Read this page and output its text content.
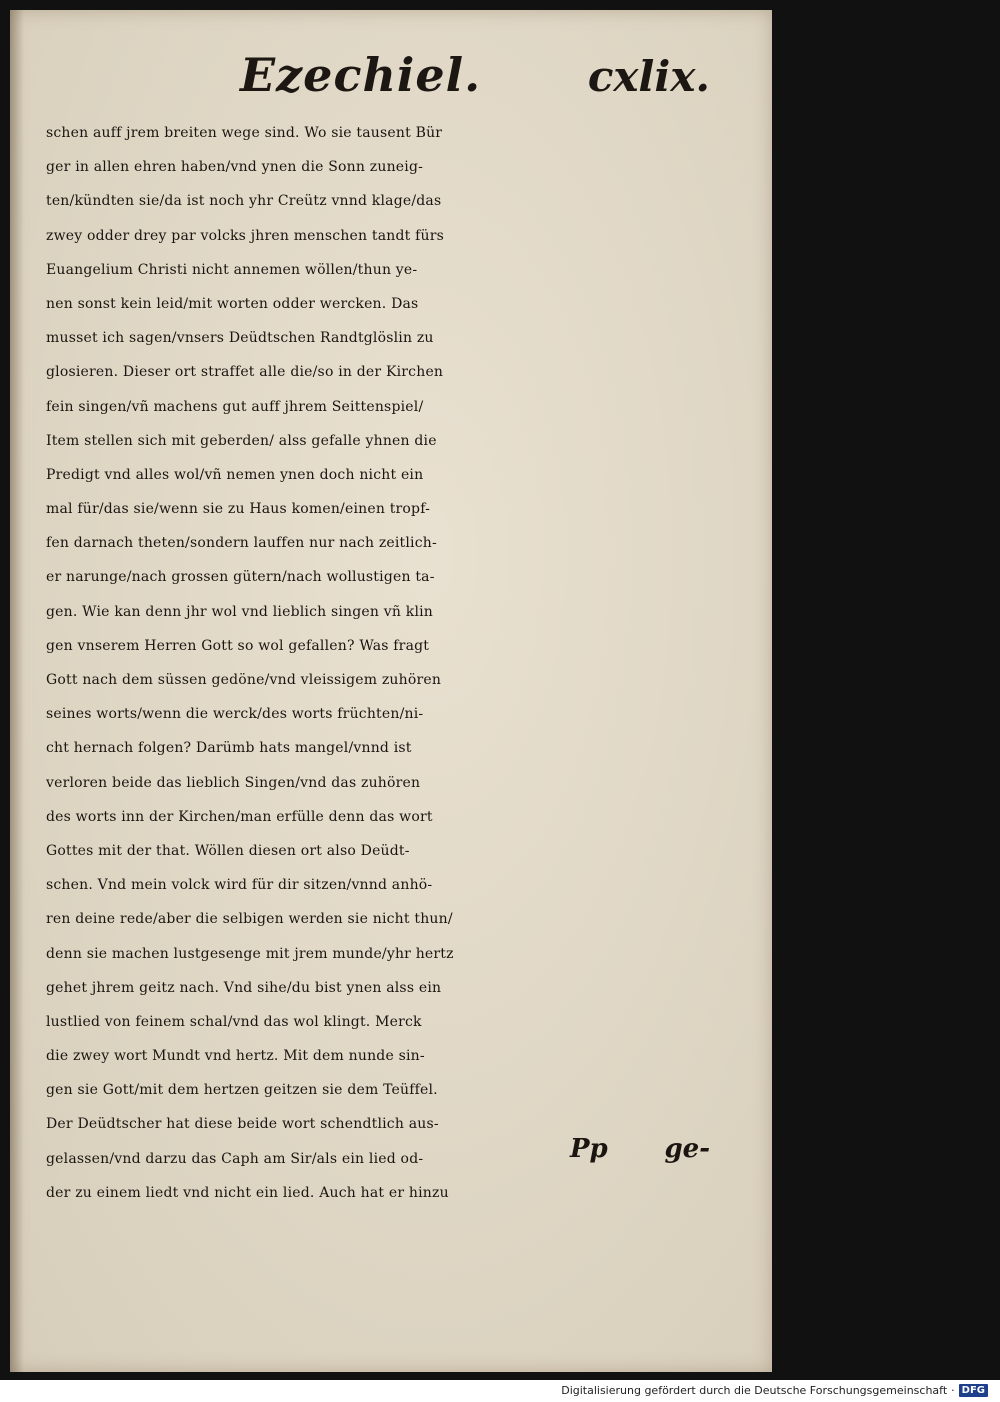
Ezechiel.	cxlix.
schen auff jrem breiten wege sind. Wo sie tausent Bür
ger in allen ehren haben/vnd ynen die Sonn zuneig-
ten/kündten sie/da ist noch yhr Creütz vnnd klage/das
zwey odder drey par volcks jhren menschen tandt fürs
Euangelium Christi nicht annemen wöllen/thun ye-
nen sonst kein leid/mit worten odder wercken. Das
musset ich sagen/vnsers Deüdtschen Randtglöslin zu
glosieren. Dieser ort straffet alle die/so in der Kirchen
fein singen/vñ machens gut auff jhrem Seittenspiel/
Item stellen sich mit geberden/ alss gefalle yhnen die
Predigt vnd alles wol/vñ nemen ynen doch nicht ein
mal für/das sie/wenn sie zu Haus komen/einen tropf-
fen darnach theten/sondern lauffen nur nach zeitlich-
er narunge/nach grossen gütern/nach wollustigen ta-
gen. Wie kan denn jhr wol vnd lieblich singen vñ klin
gen vnserem Herren Gott so wol gefallen? Was fragt
Gott nach dem süssen gedöne/vnd vleissigem zuhören
seines worts/wenn die werck/des worts früchten/ni-
cht hernach folgen? Darümb hats mangel/vnnd ist
verloren beide das lieblich Singen/vnd das zuhören
des worts inn der Kirchen/man erfülle denn das wort
Gottes mit der that. Wöllen diesen ort also Deüdt-
schen. Vnd mein volck wird für dir sitzen/vnnd anhö-
ren deine rede/aber die selbigen werden sie nicht thun/
denn sie machen lustgesenge mit jrem munde/yhr hertz
gehet jhrem geitz nach. Vnd sihe/du bist ynen alss ein
lustlied von feinem schal/vnd das wol klingt. Merck
die zwey wort Mundt vnd hertz. Mit dem nunde sin-
gen sie Gott/mit dem hertzen geitzen sie dem Teüffel.
Der Deüdtscher hat diese beide wort schendtlich aus-
gelassen/vnd darzu das Caph am Sir/als ein lied od-
der zu einem liedt vnd nicht ein lied. Auch hat er hinzu
Pp ge-
Digitalisierung gefördert durch die Deutsche Forschungsgemeinschaft · DFG
